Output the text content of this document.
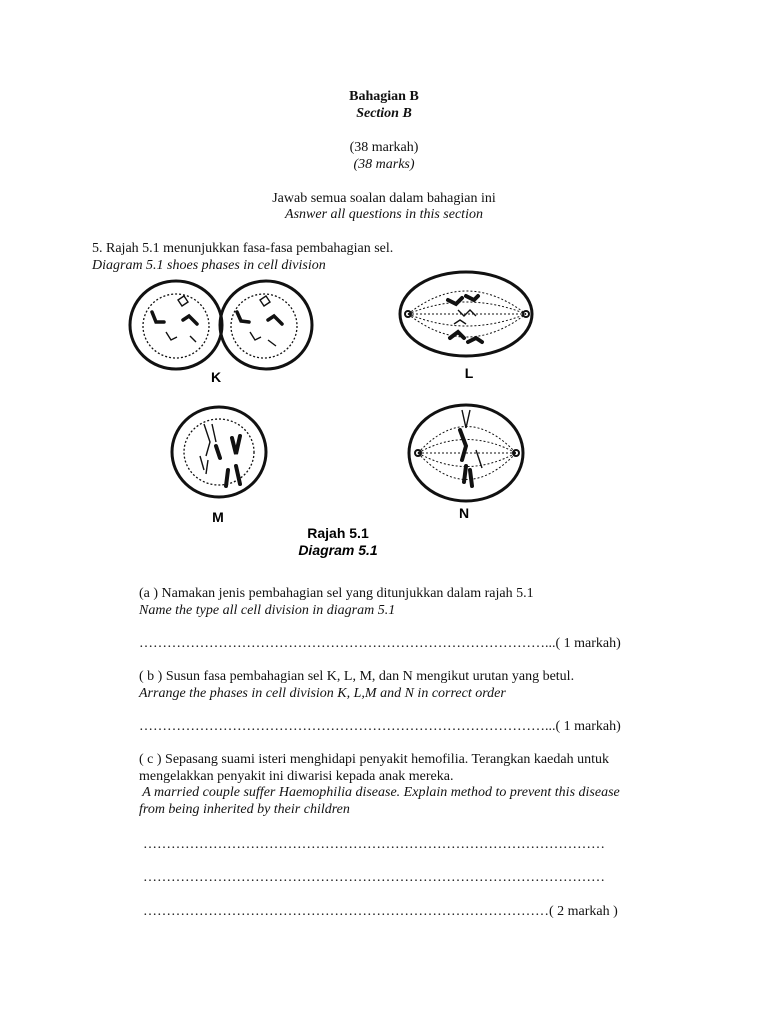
Bahagian B
Section B
(38 markah)
(38 marks)
Jawab semua soalan dalam bahagian ini
Asnwer all questions in this section
5. Rajah 5.1 menunjukkan fasa-fasa pembahagian sel.
Diagram 5.1 shoes phases in cell division
K	L
M	N
Rajah 5.1
Diagram 5.1
(a ) Namakan jenis pembahagian sel yang ditunjukkan dalam rajah 5.1
Name the type all cell division in diagram 5.1
……………………………………………………………………………...( 1 markah)
( b ) Susun fasa pembahagian sel K, L, M, dan N mengikut urutan yang betul.
Arrange the phases in cell division K, L,M and N in correct order
……………………………………………………………………………...( 1 markah)
( c ) Sepasang suami isteri menghidapi penyakit hemofilia. Terangkan kaedah untuk
mengelakkan penyakit ini diwarisi kepada anak mereka.
A married couple suffer Haemophilia disease. Explain method to prevent this disease
from being inherited by their children
………………………………………………………………………………………
………………………………………………………………………………………
……………………………………………………………………………( 2 markah )
